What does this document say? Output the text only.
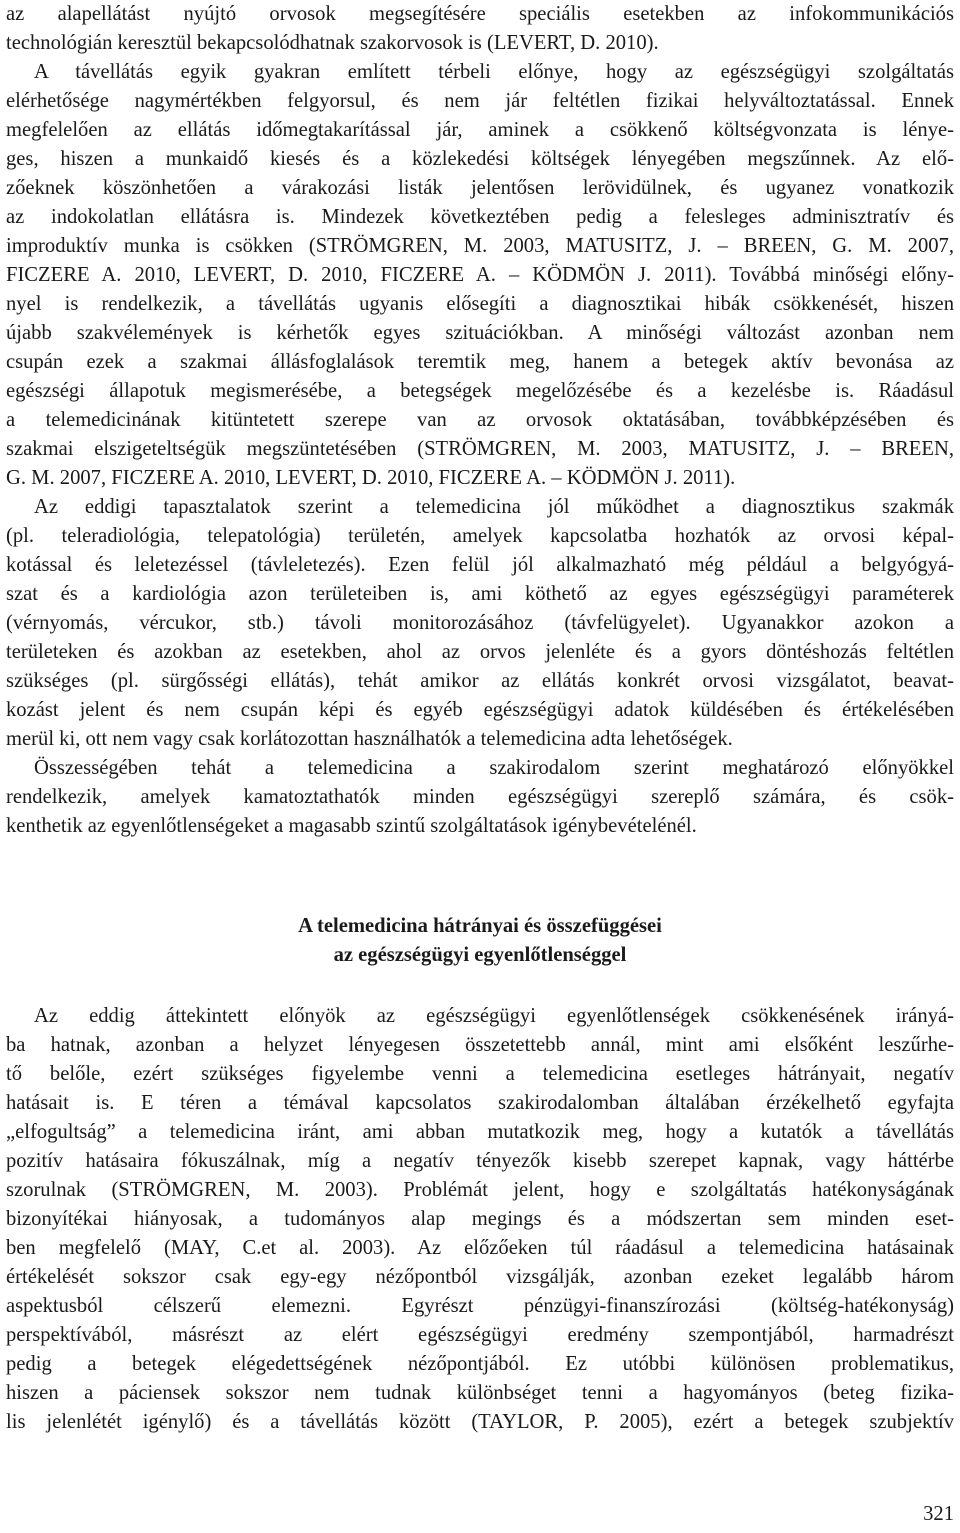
az alapellátást nyújtó orvosok megsegítésére speciális esetekben az infokommunikációs
technológián keresztül bekapcsolódhatnak szakorvosok is (LEVERT, D. 2010).
A távellátás egyik gyakran említett térbeli előnye, hogy az egészségügyi szolgáltatás
elérhetősége nagymértékben felgyorsul, és nem jár feltétlen fizikai helyváltoztatással. Ennek
megfelelően az ellátás időmegtakarítással jár, aminek a csökkenő költségvonzata is lénye-
ges, hiszen a munkaidő kiesés és a közlekedési költségek lényegében megszűnnek. Az elő-
zőeknek köszönhetően a várakozási listák jelentősen lerövidülnek, és ugyanez vonatkozik
az indokolatlan ellátásra is. Mindezek következtében pedig a felesleges adminisztratív és
improduktív munka is csökken (STRÖMGREN, M. 2003, MATUSITZ, J. – BREEN, G. M. 2007,
FICZERE A. 2010, LEVERT, D. 2010, FICZERE A. – KÖDMÖN J. 2011). Továbbá minőségi előny-
nyel is rendelkezik, a távellátás ugyanis elősegíti a diagnosztikai hibák csökkenését, hiszen
újabb szakvélemények is kérhetők egyes szituációkban. A minőségi változást azonban nem
csupán ezek a szakmai állásfoglalások teremtik meg, hanem a betegek aktív bevonása az
egészségi állapotuk megismerésébe, a betegségek megelőzésébe és a kezelésbe is. Ráadásul
a telemedicinának kitüntetett szerepe van az orvosok oktatásában, továbbképzésében és
szakmai elszigeteltségük megszüntetésében (STRÖMGREN, M. 2003, MATUSITZ, J. – BREEN,
G. M. 2007, FICZERE A. 2010, LEVERT, D. 2010, FICZERE A. – KÖDMÖN J. 2011).
Az eddigi tapasztalatok szerint a telemedicina jól működhet a diagnosztikus szakmák
(pl. teleradiológia, telepatológia) területén, amelyek kapcsolatba hozhatók az orvosi képal-
kotással és leletezéssel (távleletezés). Ezen felül jól alkalmazható még például a belgyógyá-
szat és a kardiológia azon területeiben is, ami köthető az egyes egészségügyi paraméterek
(vérnyomás, vércukor, stb.) távoli monitorozásához (távfelügyelet). Ugyanakkor azokon a
területeken és azokban az esetekben, ahol az orvos jelenléte és a gyors döntéshozás feltétlen
szükséges (pl. sürgősségi ellátás), tehát amikor az ellátás konkrét orvosi vizsgálatot, beavat-
kozást jelent és nem csupán képi és egyéb egészségügyi adatok küldésében és értékelésében
merül ki, ott nem vagy csak korlátozottan használhatók a telemedicina adta lehetőségek.
Összességében tehát a telemedicina a szakirodalom szerint meghatározó előnyökkel
rendelkezik, amelyek kamatoztathatók minden egészségügyi szereplő számára, és csök-
kenthetik az egyenlőtlenségeket a magasabb szintű szolgáltatások igénybevételénél.
A telemedicina hátrányai és összefüggései
az egészségügyi egyenlőtlenséggel
Az eddig áttekintett előnyök az egészségügyi egyenlőtlenségek csökkenésének irányá-
ba hatnak, azonban a helyzet lényegesen összetettebb annál, mint ami elsőként leszűrhe-
tő belőle, ezért szükséges figyelembe venni a telemedicina esetleges hátrányait, negatív
hatásait is. E téren a témával kapcsolatos szakirodalomban általában érzékelhető egyfajta
„elfogultság” a telemedicina iránt, ami abban mutatkozik meg, hogy a kutatók a távellátás
pozitív hatásaira fókuszálnak, míg a negatív tényezők kisebb szerepet kapnak, vagy háttérbe
szorulnak (STRÖMGREN, M. 2003). Problémát jelent, hogy e szolgáltatás hatékonyságának
bizonyítékai hiányosak, a tudományos alap megings és a módszertan sem minden eset-
ben megfelelő (MAY, C.et al. 2003). Az előzőeken túl ráadásul a telemedicina hatásainak
értékelését sokszor csak egy-egy nézőpontból vizsgálják, azonban ezeket legalább három
aspektusból célszerű elemezni. Egyrészt pénzügyi-finanszírozási (költség-hatékonyság)
perspektívából, másrészt az elért egészségügyi eredmény szempontjából, harmadrészt
pedig a betegek elégedettségének nézőpontjából. Ez utóbbi különösen problematikus,
hiszen a páciensek sokszor nem tudnak különbséget tenni a hagyományos (beteg fizika-
lis jelenlétét igénylő) és a távellátás között (TAYLOR, P. 2005), ezért a betegek szubjektív
321
